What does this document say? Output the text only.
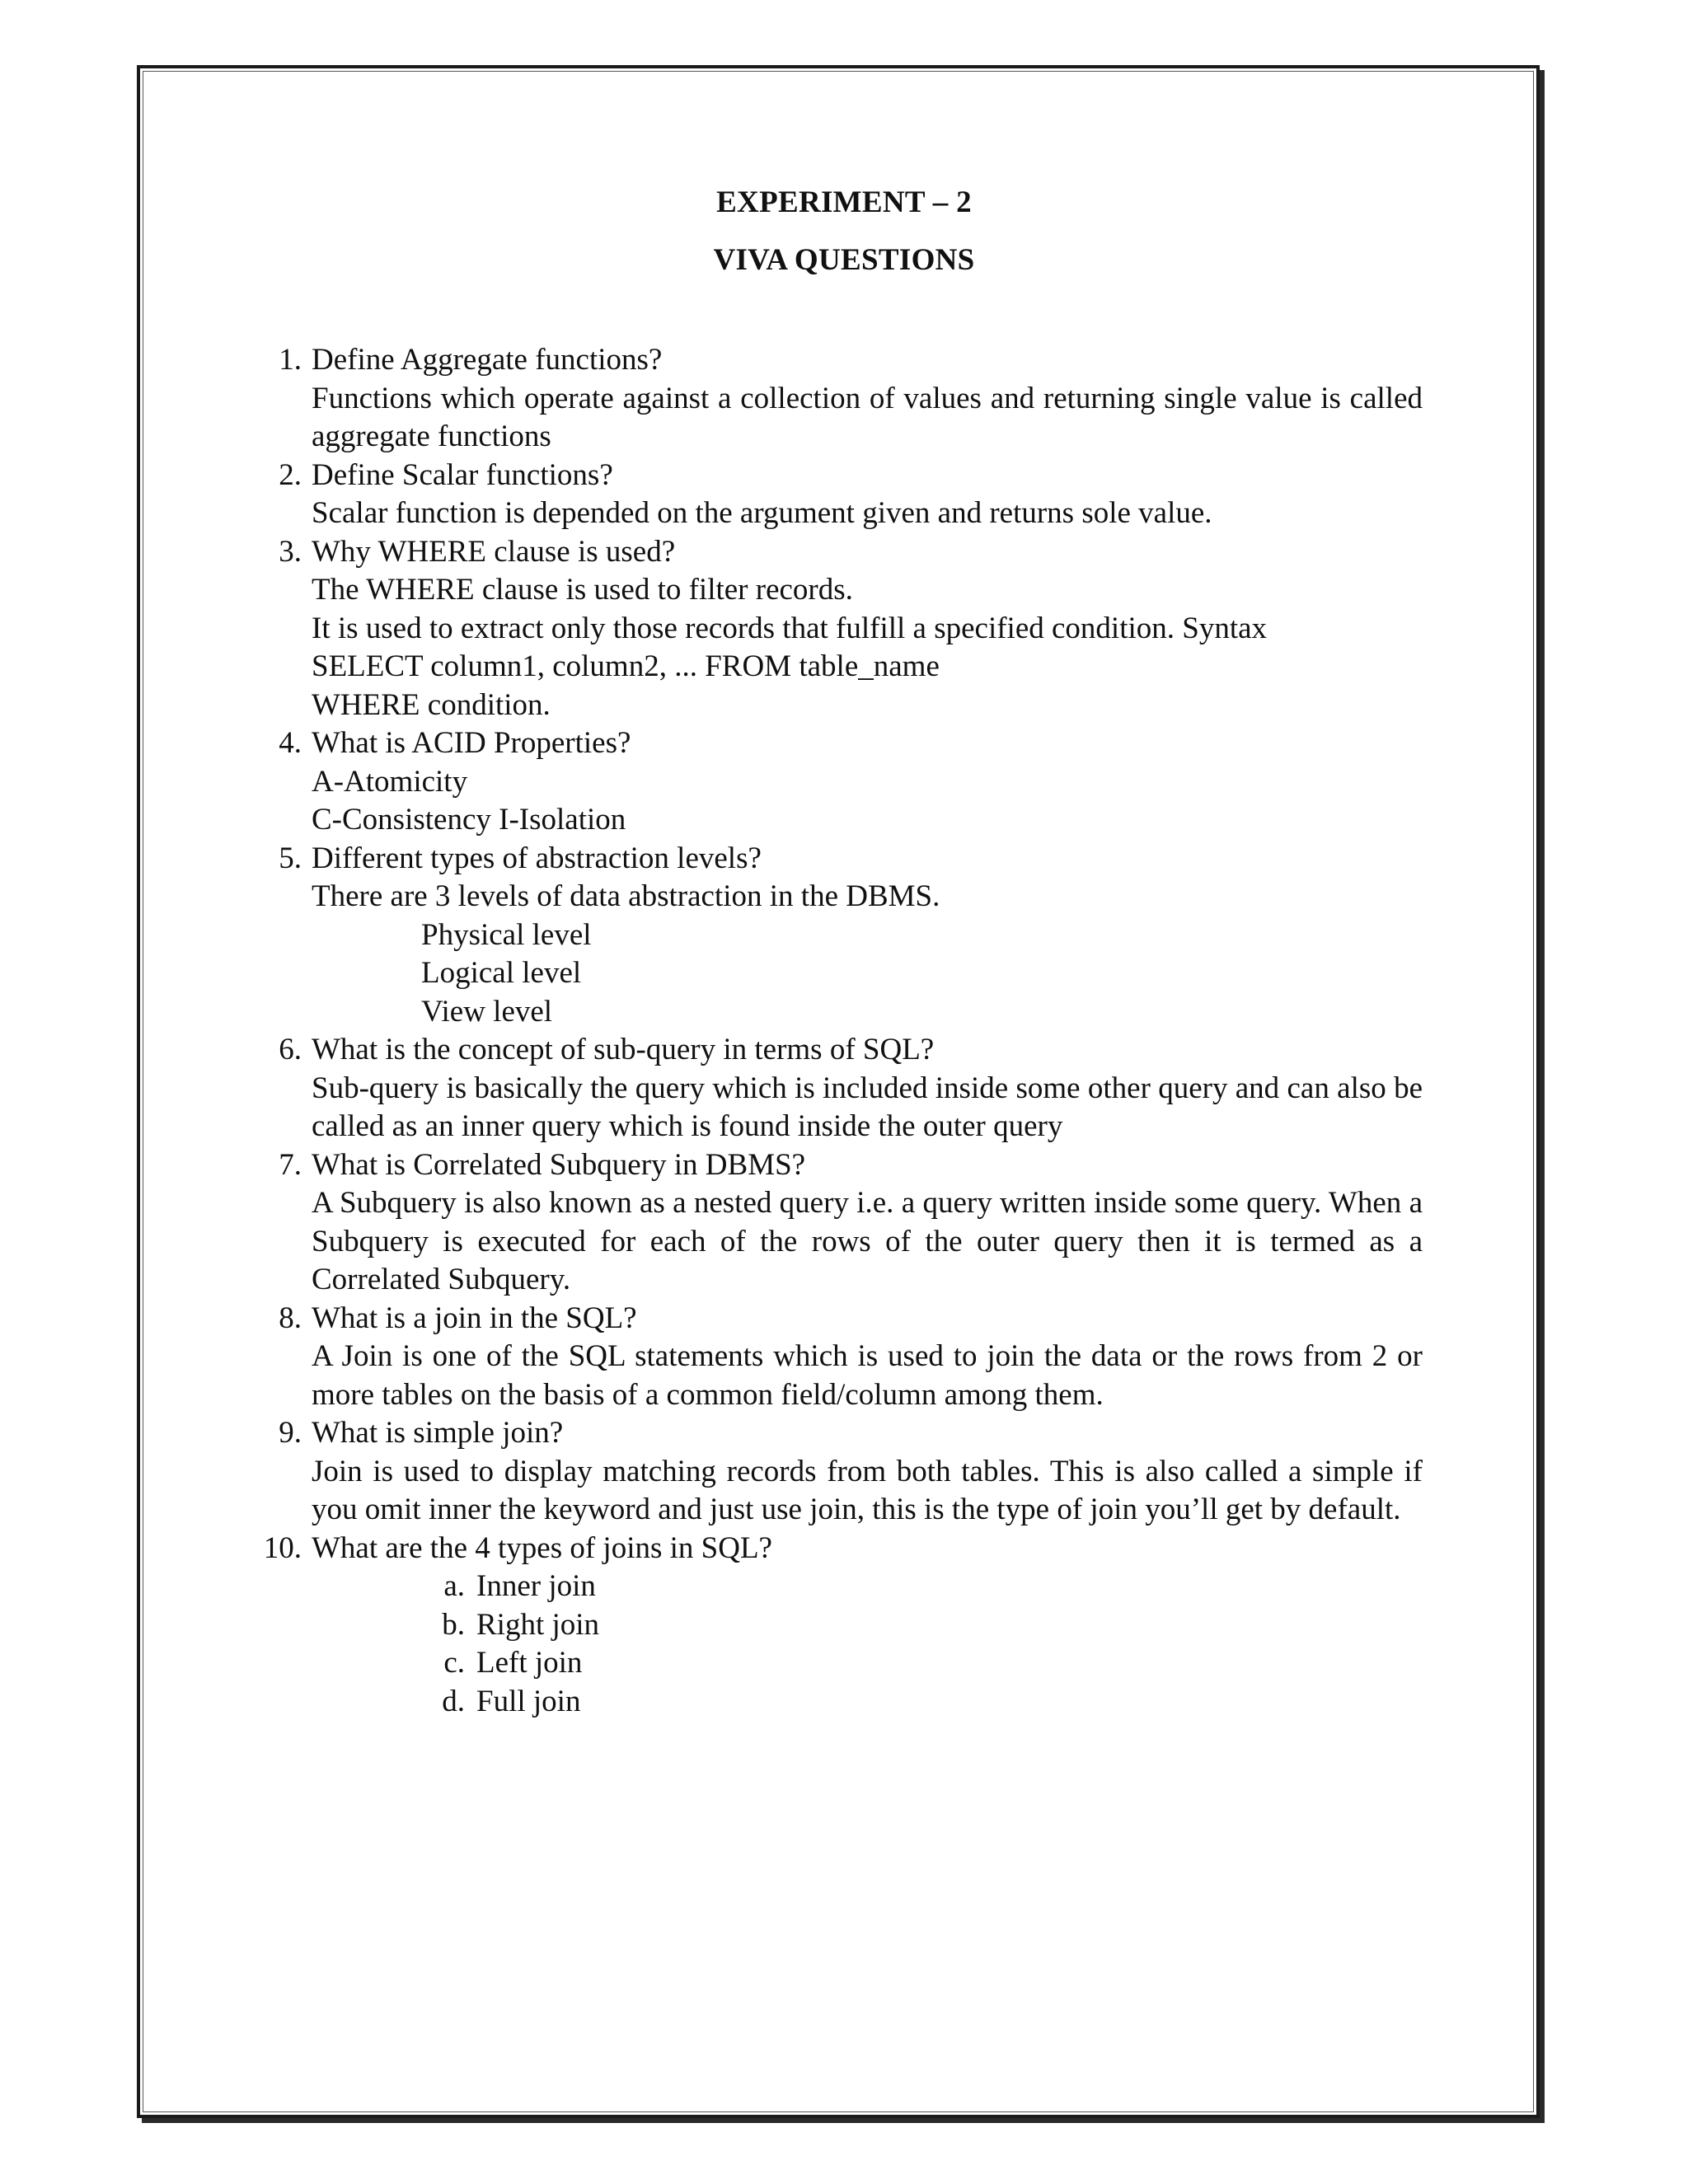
EXPERIMENT – 2
VIVA QUESTIONS
1. Define Aggregate functions?
Functions which operate against a collection of values and returning single value is called aggregate functions
2. Define Scalar functions?
Scalar function is depended on the argument given and returns sole value.
3. Why WHERE clause is used?
The WHERE clause is used to filter records.
It is used to extract only those records that fulfill a specified condition. Syntax
SELECT column1, column2, ... FROM table_name
WHERE condition.
4. What is ACID Properties?
A-Atomicity
C-Consistency I-Isolation
5. Different types of abstraction levels?
There are 3 levels of data abstraction in the DBMS.
Physical level
Logical level
View level
6. What is the concept of sub-query in terms of SQL?
Sub-query is basically the query which is included inside some other query and can also be called as an inner query which is found inside the outer query
7. What is Correlated Subquery in DBMS?
A Subquery is also known as a nested query i.e. a query written inside some query. When a Subquery is executed for each of the rows of the outer query then it is termed as a Correlated Subquery.
8. What is a join in the SQL?
A Join is one of the SQL statements which is used to join the data or the rows from 2 or more tables on the basis of a common field/column among them.
9. What is simple join?
Join is used to display matching records from both tables. This is also called a simple if you omit inner the keyword and just use join, this is the type of join you’ll get by default.
10. What are the 4 types of joins in SQL?
a. Inner join
b. Right join
c. Left join
d. Full join
